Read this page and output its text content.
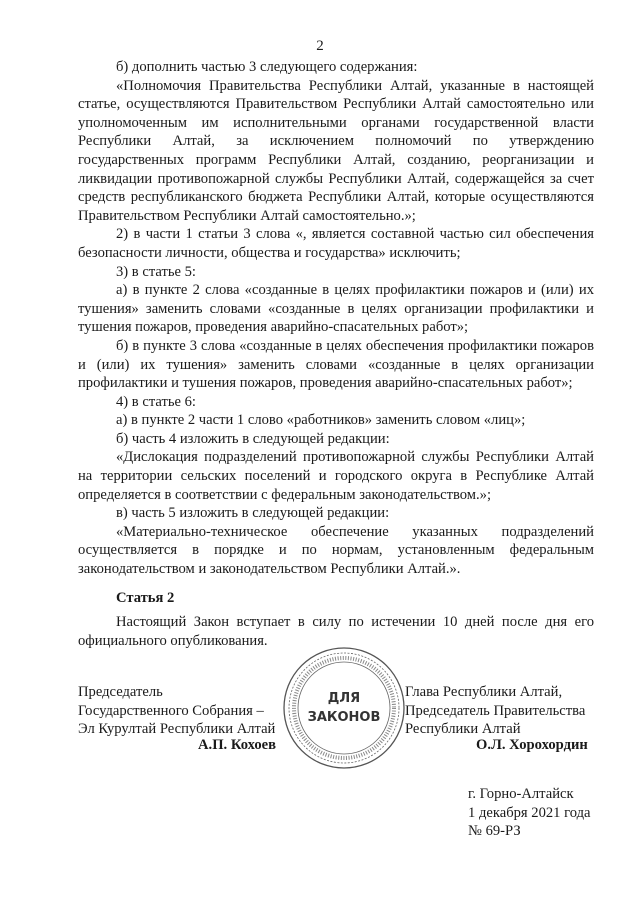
2

б) дополнить частью 3 следующего содержания:

«Полномочия Правительства Республики Алтай, указанные в настоящей статье, осуществляются Правительством Республики Алтай самостоятельно или уполномоченным им исполнительными органами государственной власти Республики Алтай, за исключением полномочий по утверждению государственных программ Республики Алтай, созданию, реорганизации и ликвидации противопожарной службы Республики Алтай, содержащейся за счет средств республиканского бюджета Республики Алтай, которые осуществляются Правительством Республики Алтай самостоятельно.»;

2) в части 1 статьи 3 слова «, является составной частью сил обеспечения безопасности личности, общества и государства» исключить;

3) в статье 5:

а) в пункте 2 слова «созданные в целях профилактики пожаров и (или) их тушения» заменить словами «созданные в целях организации профилактики и тушения пожаров, проведения аварийно-спасательных работ»;

б) в пункте 3 слова «созданные в целях обеспечения профилактики пожаров и (или) их тушения» заменить словами «созданные в целях организации профилактики и тушения пожаров, проведения аварийно-спасательных работ»;

4) в статье 6:

а) в пункте 2 части 1 слово «работников» заменить словом «лиц»;

б) часть 4 изложить в следующей редакции:

«Дислокация подразделений противопожарной службы Республики Алтай на территории сельских поселений и городского округа в Республике Алтай определяется в соответствии с федеральным законодательством.»;

в) часть 5 изложить в следующей редакции:

«Материально-техническое обеспечение указанных подразделений осуществляется в порядке и по нормам, установленным федеральным законодательством и законодательством Республики Алтай.».

Статья 2

Настоящий Закон вступает в силу по истечении 10 дней после дня его официального опубликования.

Председатель
Государственного Собрания –
Эл Курултай Республики Алтай
А.П. Кохоев
Глава Республики Алтай,
Председатель Правительства
Республики Алтай
О.Л. Хорохордин
ДЛЯ
ЗАКОНОВ
г. Горно-Алтайск
1 декабря 2021 года
№ 69-РЗ
